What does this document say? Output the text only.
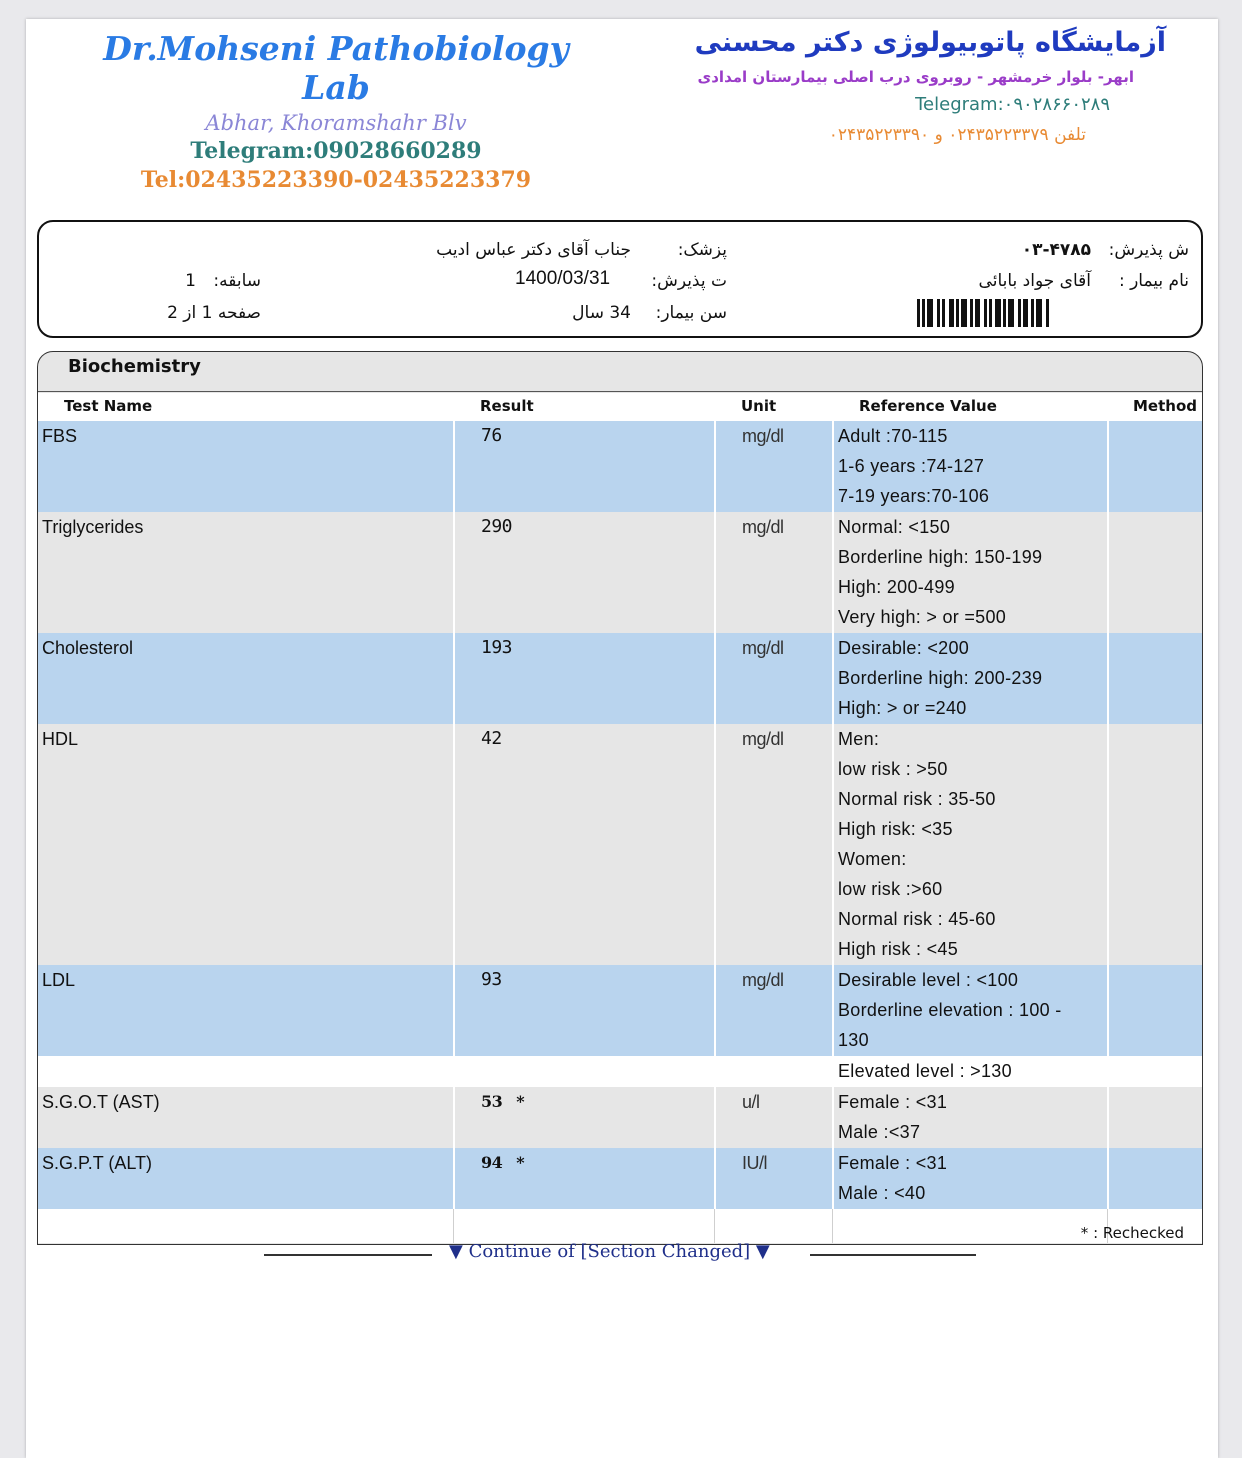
Dr.Mohseni Pathobiology Lab
Abhar, Khoramshahr Blv
Telegram:09028660289
Tel:02435223390-02435223379
آزمایشگاه پاتوبیولوژی دکتر محسنی
ابهر- بلوار خرمشهر - روبروی درب اصلی بیمارستان امدادی
Telegram:۰۹۰۲۸۶۶۰۲۸۹
تلفن ۰۲۴۳۵۲۲۳۳۷۹ و ۰۲۴۳۵۲۲۳۳۹۰
ش پذیرش:
۰۳-۴۷۸۵
نام بیمار :
آقای جواد بابائی
پزشک:
جناب آقای دکتر عباس ادیب
ت پذیرش:
1400/03/31
سن بیمار:
34 سال
سابقه:
1
صفحه 1 از 2
Biochemistry
Test Name	Result	Unit	Reference Value	Method
FBS	76	mg/dl	Adult :70-115
1-6 years :74-127
7-19 years:70-106
Triglycerides	290	mg/dl	Normal: <150
Borderline high: 150-199
High: 200-499
Very high: > or =500
Cholesterol	193	mg/dl	Desirable: <200
Borderline high: 200-239
High: > or =240
HDL	42	mg/dl	Men:
low risk : >50
Normal risk : 35-50
High risk: <35
Women:
low risk :>60
Normal risk : 45-60
High risk : <45
LDL	93	mg/dl	Desirable level : <100
Borderline elevation : 100 -
130
Elevated level : >130
S.G.O.T (AST)	53 *	u/l	Female : <31
Male :<37
S.G.P.T (ALT)	94 *	IU/l	Female : <31
Male : <40
* : Rechecked
▼ Continue of [Section Changed] ▼
